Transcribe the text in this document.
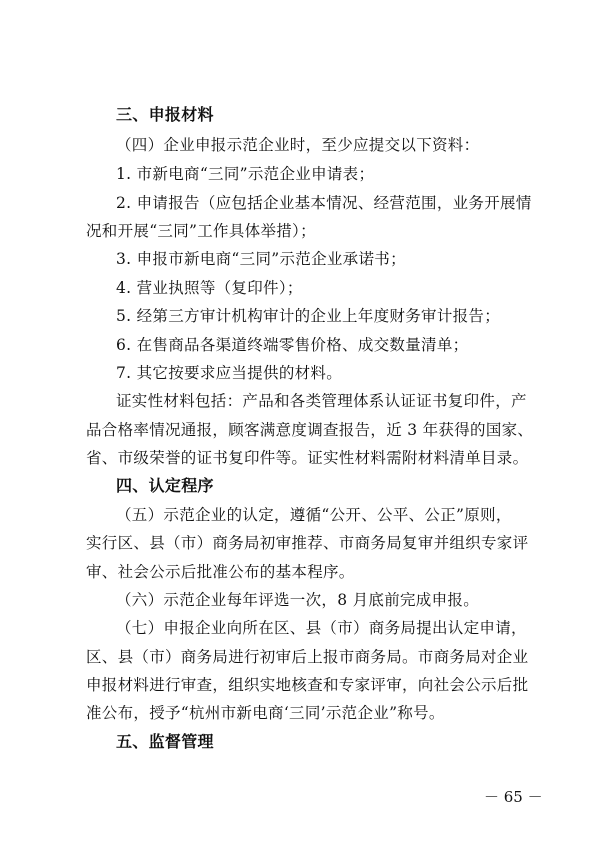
三、申报材料
（四）企业申报示范企业时，至少应提交以下资料：
1. 市新电商“三同”示范企业申请表；
2. 申请报告（应包括企业基本情况、经营范围，业务开展情
况和开展“三同”工作具体举措）；
3. 申报市新电商“三同”示范企业承诺书；
4. 营业执照等（复印件）；
5. 经第三方审计机构审计的企业上年度财务审计报告；
6. 在售商品各渠道终端零售价格、成交数量清单；
7. 其它按要求应当提供的材料。
证实性材料包括：产品和各类管理体系认证证书复印件，产
品合格率情况通报，顾客满意度调查报告，近 3 年获得的国家、
省、市级荣誉的证书复印件等。证实性材料需附材料清单目录。
四、认定程序
（五）示范企业的认定，遵循“公开、公平、公正”原则，
实行区、县（市）商务局初审推荐、市商务局复审并组织专家评
审、社会公示后批准公布的基本程序。
（六）示范企业每年评选一次，8 月底前完成申报。
（七）申报企业向所在区、县（市）商务局提出认定申请，
区、县（市）商务局进行初审后上报市商务局。市商务局对企业
申报材料进行审查，组织实地核查和专家评审，向社会公示后批
准公布，授予“杭州市新电商‘三同’示范企业”称号。
五、监督管理
－ 65 －
